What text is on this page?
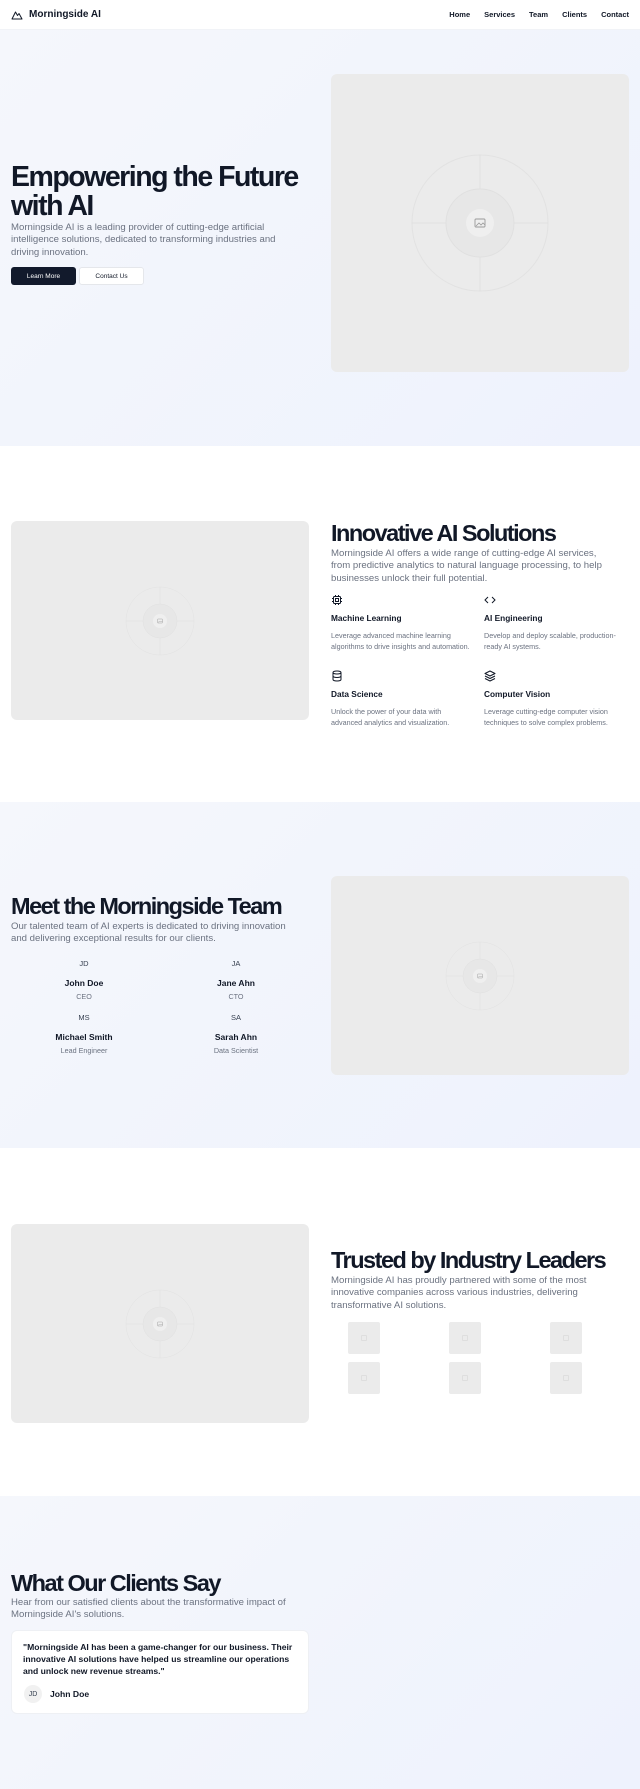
Morningside AI	Home Services Team Clients Contact
Empowering the Future with AI

Morningside AI is a leading provider of cutting-edge artificial intelligence solutions, dedicated to transforming industries and driving innovation.

Learn More	Contact Us
Innovative AI Solutions

Morningside AI offers a wide range of cutting-edge AI services, from predictive analytics to natural language processing, to help businesses unlock their full potential.

Machine Learning
Leverage advanced machine learning algorithms to drive insights and automation.
AI Engineering
Develop and deploy scalable, production-ready AI systems.
Data Science
Unlock the power of your data with advanced analytics and visualization.
Computer Vision
Leverage cutting-edge computer vision techniques to solve complex problems.
Meet the Morningside Team

Our talented team of AI experts is dedicated to driving innovation and delivering exceptional results for our clients.

JD
John Doe
CEO
JA
Jane Ahn
CTO
MS
Michael Smith
Lead Engineer
SA
Sarah Ahn
Data Scientist
Trusted by Industry Leaders

Morningside AI has proudly partnered with some of the most innovative companies across various industries, delivering transformative AI solutions.

What Our Clients Say

Hear from our satisfied clients about the transformative impact of Morningside AI's solutions.

"Morningside AI has been a game-changer for our business. Their innovative AI solutions have helped us streamline our operations and unlock new revenue streams."

JD	John Doe
